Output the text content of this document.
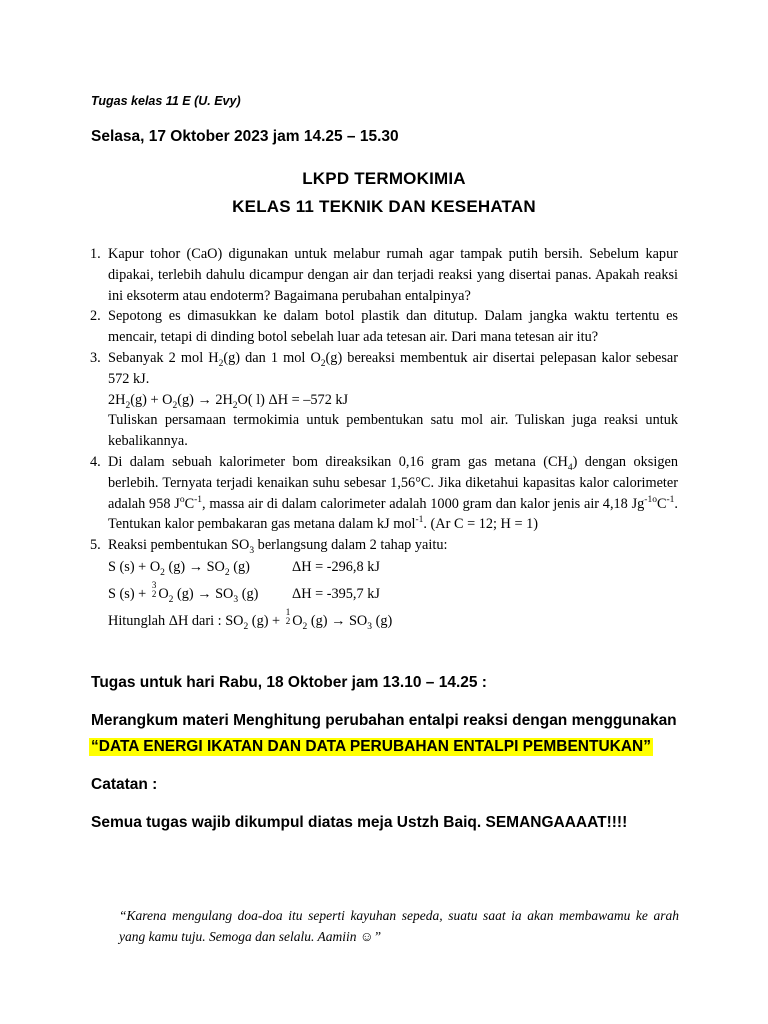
Tugas kelas 11 E (U. Evy)
Selasa, 17 Oktober 2023 jam 14.25 – 15.30
LKPD TERMOKIMIA
KELAS 11 TEKNIK DAN KESEHATAN
1. Kapur tohor (CaO) digunakan untuk melabur rumah agar tampak putih bersih. Sebelum kapur dipakai, terlebih dahulu dicampur dengan air dan terjadi reaksi yang disertai panas. Apakah reaksi ini eksoterm atau endoterm? Bagaimana perubahan entalpinya?
2. Sepotong es dimasukkan ke dalam botol plastik dan ditutup. Dalam jangka waktu tertentu es mencair, tetapi di dinding botol sebelah luar ada tetesan air. Dari mana tetesan air itu?
3. Sebanyak 2 mol $H_2(g)$ dan 1 mol $O_2(g)$ bereaksi membentuk air disertai pelepasan kalor sebesar 572 kJ.
$2H_2(g) + O_2(g) \to 2H_2O$( l) ΔH = –572 kJ
Tuliskan persamaan termokimia untuk pembentukan satu mol air. Tuliskan juga reaksi untuk kebalikannya.
4. Di dalam sebuah kalorimeter bom direaksikan 0,16 gram gas metana $(CH_4)$ dengan oksigen berlebih. Ternyata terjadi kenaikan suhu sebesar 1,56°C. Jika diketahui kapasitas kalor calorimeter adalah 958 $J^oC^{-1}$, massa air di dalam calorimeter adalah 1000 gram dan kalor jenis air 4,18 $Jg^{-1o}C^{-1}$. Tentukan kalor pembakaran gas metana dalam kJ mol$^{-1}$. (Ar C = 12; H = 1)
5. Reaksi pembentukan $SO_3$ berlangsung dalam 2 tahap yaitu:
S $(s) + O_2$ $(g) \to SO_2$ (g)	ΔH = -296,8 kJ
S (s) +
3
2 $O_2$ $(g) \to SO_3$ (g)	ΔH = -395,7 kJ
Hitunglah ΔH dari : $SO_2$ (g) +
1
2 $O_2$ $(g) \to SO_3$ (g)
Tugas untuk hari Rabu, 18 Oktober jam 13.10 – 14.25 :
Merangkum materi Menghitung perubahan entalpi reaksi dengan menggunakan
“DATA ENERGI IKATAN DAN DATA PERUBAHAN ENTALPI PEMBENTUKAN”
Catatan :
Semua tugas wajib dikumpul diatas meja Ustzh Baiq. SEMANGAAAAT!!!!
“Karena mengulang doa-doa itu seperti kayuhan sepeda, suatu saat ia akan membawamu ke arah yang kamu tuju. Semoga dan selalu. Aamiin ☺”
